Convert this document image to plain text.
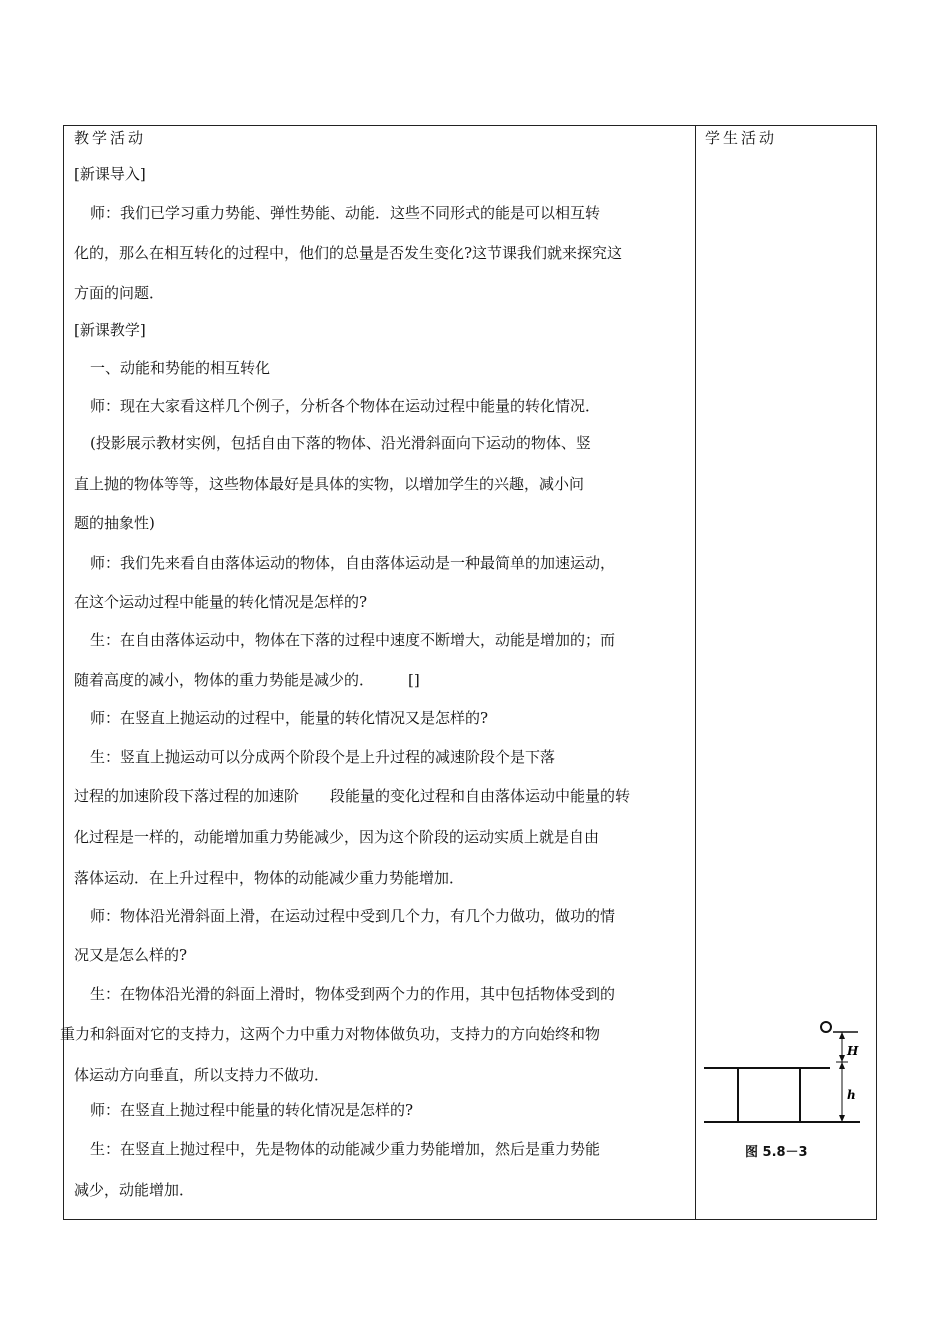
教学活动	学生活动
[新课导入]
师：我们已学习重力势能、弹性势能、动能．这些不同形式的能是可以相互转
化的，那么在相互转化的过程中，他们的总量是否发生变化?这节课我们就来探究这
方面的问题．
[新课教学]
一、动能和势能的相互转化
师：现在大家看这样几个例子，分析各个物体在运动过程中能量的转化情况．
(投影展示教材实例，包括自由下落的物体、沿光滑斜面向下运动的物体、竖
直上抛的物体等等，这些物体最好是具体的实物，以增加学生的兴趣，减小问
题的抽象性)
师：我们先来看自由落体运动的物体，自由落体运动是一种最简单的加速运动，
在这个运动过程中能量的转化情况是怎样的?
生：在自由落体运动中，物体在下落的过程中速度不断增大，动能是增加的；而
随着高度的减小，物体的重力势能是减少的． []
师：在竖直上抛运动的过程中，能量的转化情况又是怎样的?
生：竖直上抛运动可以分成两个阶段个是上升过程的减速阶段个是下落
过程的加速阶段下落过程的加速阶 段能量的变化过程和自由落体运动中能量的转
化过程是一样的，动能增加重力势能减少，因为这个阶段的运动实质上就是自由
落体运动．在上升过程中，物体的动能减少重力势能增加．
师：物体沿光滑斜面上滑，在运动过程中受到几个力，有几个力做功，做功的情
况又是怎么样的?
生：在物体沿光滑的斜面上滑时，物体受到两个力的作用，其中包括物体受到的
重力和斜面对它的支持力，这两个力中重力对物体做负功，支持力的方向始终和物
体运动方向垂直，所以支持力不做功．
师：在竖直上抛过程中能量的转化情况是怎样的?
生：在竖直上抛过程中，先是物体的动能减少重力势能增加，然后是重力势能
减少，动能增加．
H
h
图 5.8－3
